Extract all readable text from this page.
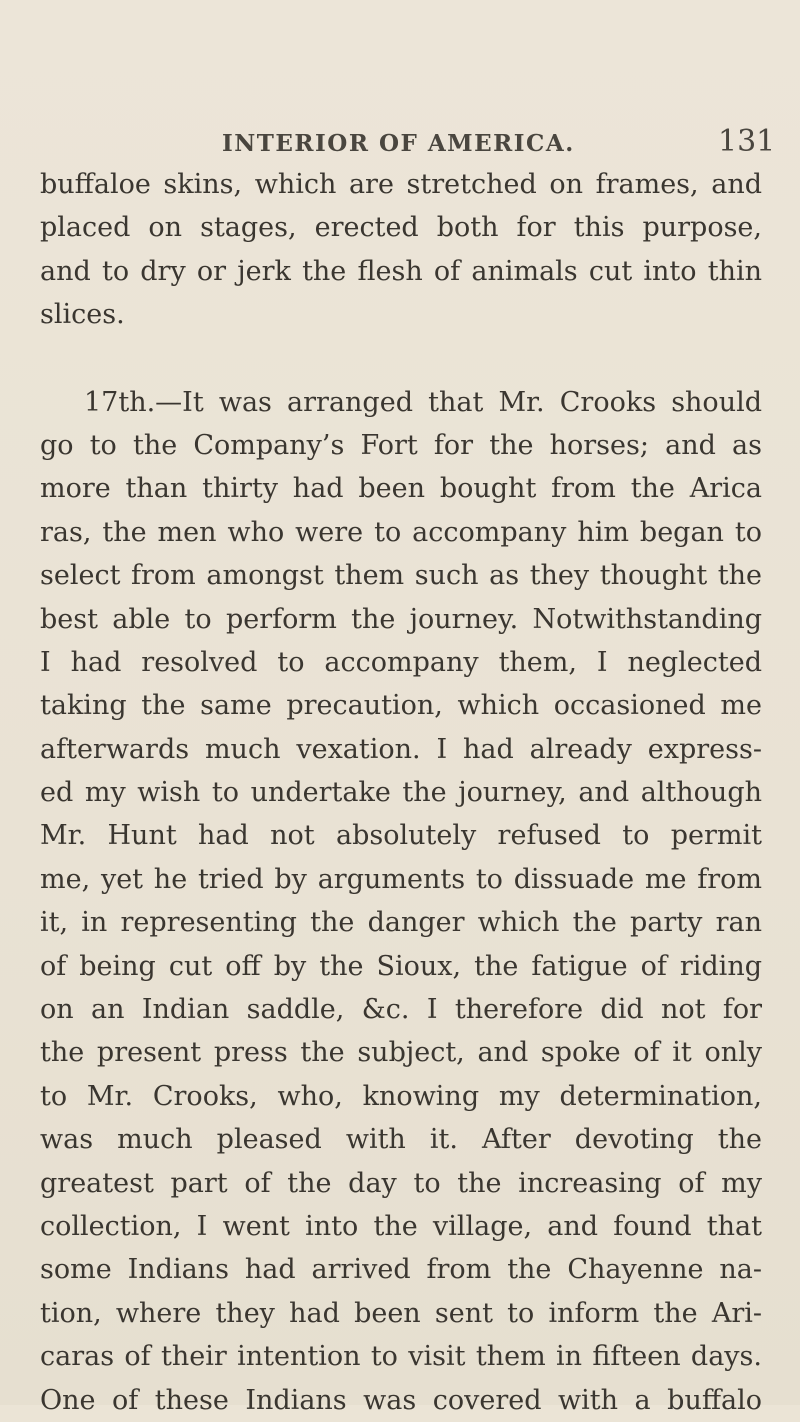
INTERIOR OF AMERICA.	131
buffaloe skins, which are stretched on frames, and
placed on stages, erected both for this purpose,
and to dry or jerk the flesh of animals cut into thin
slices.
17th.—It was arranged that Mr. Crooks should
go to the Company’s Fort for the horses; and as
more than thirty had been bought from the Arica
ras, the men who were to accompany him began to
select from amongst them such as they thought the
best able to perform the journey. Notwithstanding
I had resolved to accompany them, I neglected
taking the same precaution, which occasioned me
afterwards much vexation. I had already express-
ed my wish to undertake the journey, and although
Mr. Hunt had not absolutely refused to permit
me, yet he tried by arguments to dissuade me from
it, in representing the danger which the party ran
of being cut off by the Sioux, the fatigue of riding
on an Indian saddle, &c. I therefore did not for
the present press the subject, and spoke of it only
to Mr. Crooks, who, knowing my determination,
was much pleased with it. After devoting the
greatest part of the day to the increasing of my
collection, I went into the village, and found that
some Indians had arrived from the Chayenne na-
tion, where they had been sent to inform the Ari-
caras of their intention to visit them in fifteen days.
One of these Indians was covered with a buffalo
